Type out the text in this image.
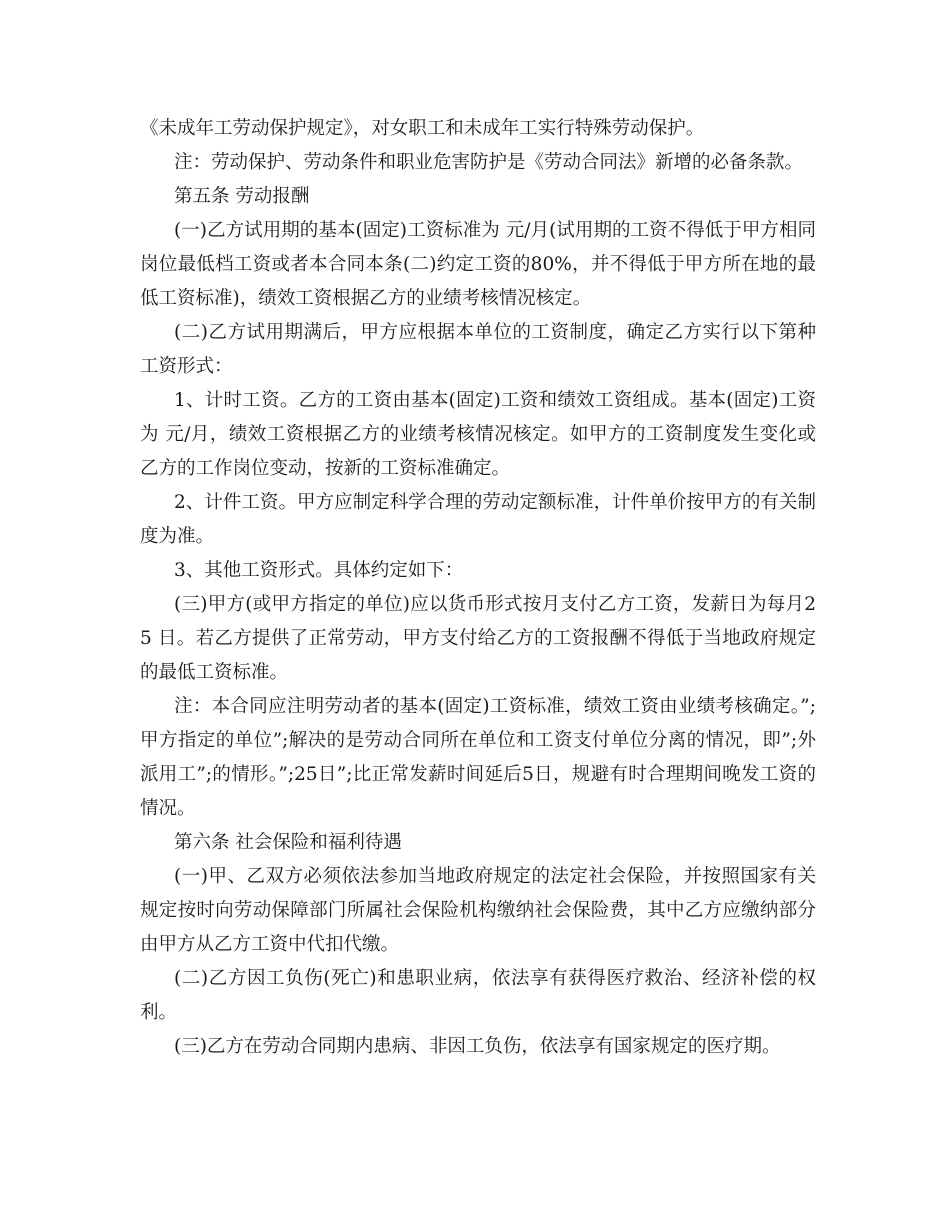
《未成年工劳动保护规定》，对女职工和未成年工实行特殊劳动保护。

注：劳动保护、劳动条件和职业危害防护是《劳动合同法》新增的必备条款。

第五条 劳动报酬

(一)乙方试用期的基本(固定)工资标准为 元/月(试用期的工资不得低于甲方相同岗位最低档工资或者本合同本条(二)约定工资的80%，并不得低于甲方所在地的最低工资标准)，绩效工资根据乙方的业绩考核情况核定。

(二)乙方试用期满后，甲方应根据本单位的工资制度，确定乙方实行以下第种工资形式：

1、计时工资。乙方的工资由基本(固定)工资和绩效工资组成。基本(固定)工资为 元/月，绩效工资根据乙方的业绩考核情况核定。如甲方的工资制度发生变化或乙方的工作岗位变动，按新的工资标准确定。

2、计件工资。甲方应制定科学合理的劳动定额标准，计件单价按甲方的有关制度为准。

3、其他工资形式。具体约定如下：

(三)甲方(或甲方指定的单位)应以货币形式按月支付乙方工资，发薪日为每月25 日。若乙方提供了正常劳动，甲方支付给乙方的工资报酬不得低于当地政府规定的最低工资标准。

注：本合同应注明劳动者的基本(固定)工资标准，绩效工资由业绩考核确定。”;甲方指定的单位”;解决的是劳动合同所在单位和工资支付单位分离的情况，即”;外派用工”;的情形。”;25日”;比正常发薪时间延后5日，规避有时合理期间晚发工资的情况。

第六条 社会保险和福利待遇

(一)甲、乙双方必须依法参加当地政府规定的法定社会保险，并按照国家有关规定按时向劳动保障部门所属社会保险机构缴纳社会保险费，其中乙方应缴纳部分由甲方从乙方工资中代扣代缴。

(二)乙方因工负伤(死亡)和患职业病，依法享有获得医疗救治、经济补偿的权利。

(三)乙方在劳动合同期内患病、非因工负伤，依法享有国家规定的医疗期。
